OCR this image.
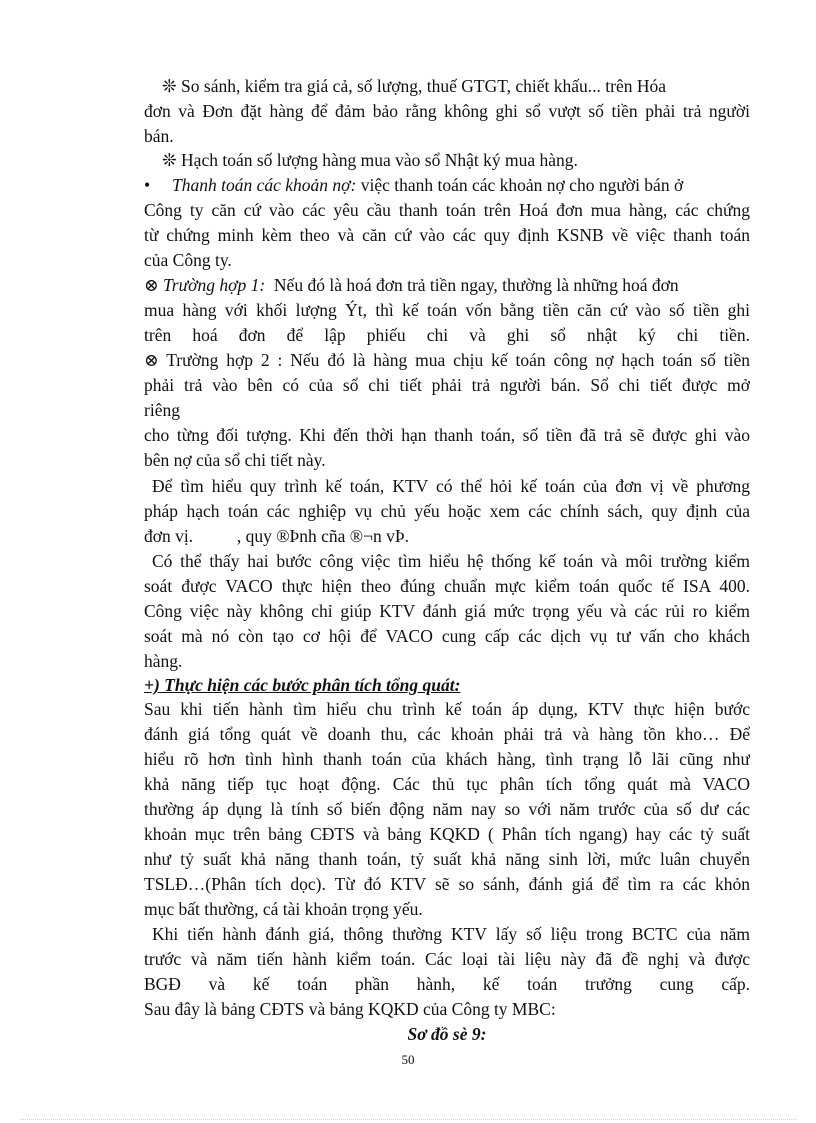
❊ So sánh, kiểm tra giá cả, số lượng, thuế GTGT, chiết khấu... trên Hóa
đơn và Đơn đặt hàng để đảm bảo rằng không ghi sổ vượt số tiền phải trả người
bán.
❊ Hạch toán số lượng hàng mua vào sổ Nhật ký mua hàng.
• Thanh toán các khoản nợ: việc thanh toán các khoản nợ cho người bán ở
Công ty căn cứ vào các yêu cầu thanh toán trên Hoá đơn mua hàng, các chứng
từ chứng minh kèm theo và căn cứ vào các quy định KSNB về việc thanh toán
của Công ty.
⊗ Trường hợp 1: Nếu đó là hoá đơn trả tiền ngay, thường là những hoá đơn
mua hàng với khối lượng Ýt, thì kế toán vốn bằng tiền căn cứ vào số tiền ghi
trên hoá đơn để lập phiếu chi và ghi sổ nhật ký chi tiền.
⊗ Trường hợp 2 : Nếu đó là hàng mua chịu kế toán công nợ hạch toán số tiền
phải trả vào bên có của sổ chi tiết phải trả người bán. Sổ chi tiết được mở
riêng
cho từng đối tượng. Khi đến thời hạn thanh toán, số tiền đã trả sẽ được ghi vào
bên nợ của sổ chi tiết này.
Để tìm hiểu quy trình kế toán, KTV có thể hỏi kế toán của đơn vị về phương
pháp hạch toán các nghiệp vụ chủ yếu hoặc xem các chính sách, quy định của
đơn vị.          , quy ®Þnh cña ®¬n vÞ.
Có thể thấy hai bước công việc tìm hiểu hệ thống kế toán và môi trường kiểm
soát được VACO thực hiện theo đúng chuẩn mực kiểm toán quốc tế ISA 400.
Công việc này không chỉ giúp KTV đánh giá mức trọng yếu và các rủi ro kiểm
soát mà nó còn tạo cơ hội để VACO cung cấp các dịch vụ tư vấn cho khách
hàng.
+) Thực hiện các bước phân tích tổng quát:
Sau khi tiến hành tìm hiểu chu trình kế toán áp dụng, KTV thực hiện bước
đánh giá tổng quát về doanh thu, các khoản phải trả và hàng tồn kho… Để
hiểu rõ hơn tình hình thanh toán của khách hàng, tình trạng lỗ lãi cũng như
khả năng tiếp tục hoạt động. Các thủ tục phân tích tổng quát mà VACO
thường áp dụng là tính số biến động năm nay so với năm trước của số dư các
khoản mục trên bảng CĐTS và bảng KQKD ( Phân tích ngang) hay các tỷ suất
như tỷ suất khả năng thanh toán, tỷ suất khả năng sinh lời, mức luân chuyển
TSLĐ…(Phân tích dọc). Từ đó KTV sẽ so sánh, đánh giá để tìm ra các khỏn
mục bất thường, cá tài khoản trọng yếu.
Khi tiến hành đánh giá, thông thường KTV lấy số liệu trong BCTC của năm
trước và năm tiến hành kiểm toán. Các loại tài liệu này đã đề nghị và được
BGĐ và kế toán phần hành, kế toán trưởng cung cấp.
Sau đây là bảng CĐTS và bảng KQKD của Công ty MBC:
Sơ đồ sè 9:
50
